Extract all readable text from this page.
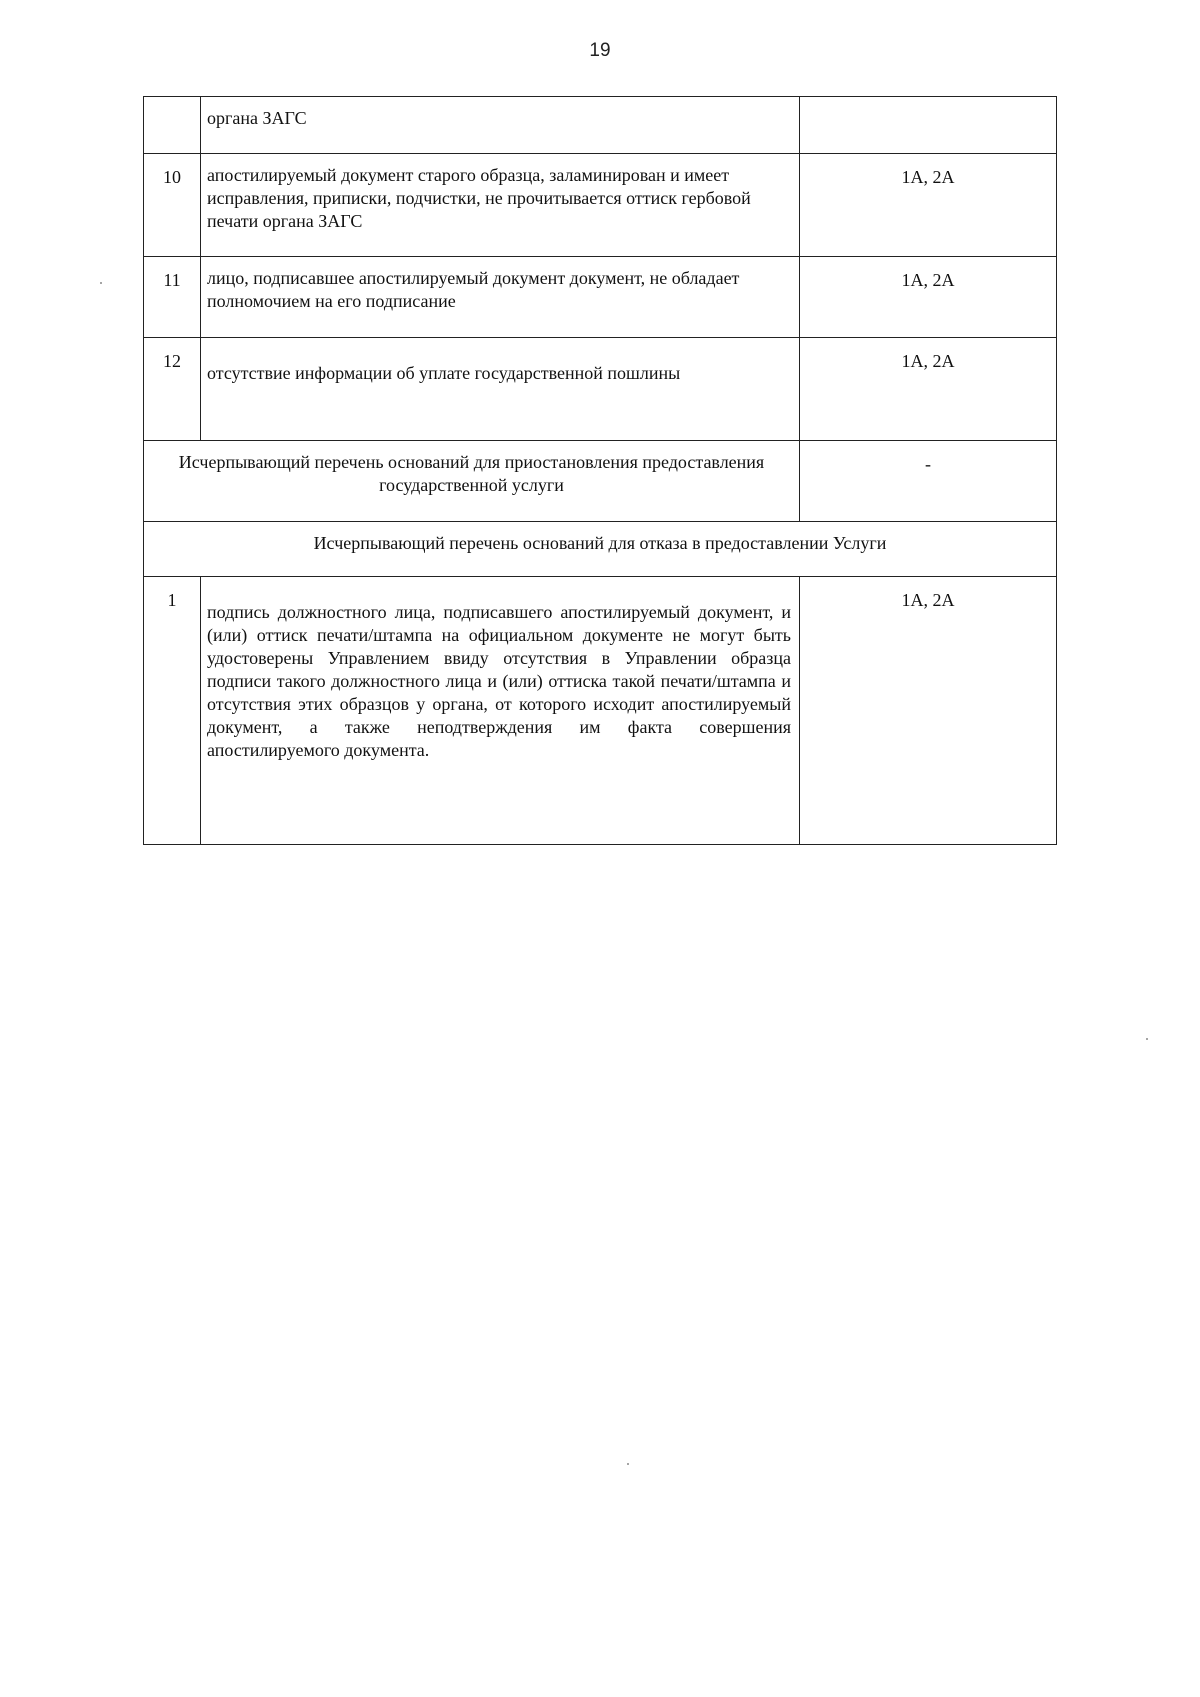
19
	органа ЗАГС	
10	апостилируемый документ старого образца, заламинирован и имеет исправления, приписки, подчистки, не прочитывается оттиск гербовой печати органа ЗАГС	1А, 2А
11	лицо, подписавшее апостилируемый документ документ, не обладает полномочием на его подписание	1А, 2А
12	отсутствие информации об уплате государственной пошлины	1А, 2А
Исчерпывающий перечень оснований для приостановления предоставления государственной услуги		-
Исчерпывающий перечень оснований для отказа в предоставлении Услуги		
1	подпись должностного лица, подписавшего апостилируемый документ, и (или) оттиск печати/штампа на официальном документе не могут быть удостоверены Управлением ввиду отсутствия в Управлении образца подписи такого должностного лица и (или) оттиска такой печати/штампа и отсутствия этих образцов у органа, от которого исходит апостилируемый документ, а также неподтверждения им факта совершения апостилируемого документа.	1А, 2А
